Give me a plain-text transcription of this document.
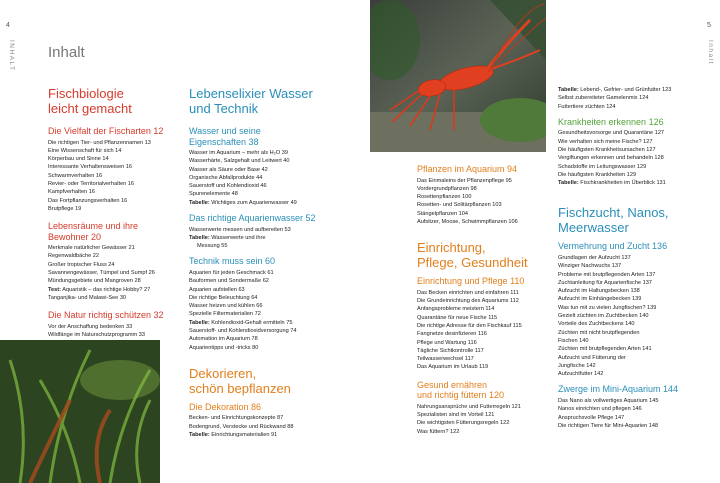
4
INHALT
5
Inhalt
Inhalt
Fischbiologie
leicht gemacht
Die Vielfalt der Fischarten 12
Die richtigen Tier- und Pflanzennamen 13
Eine Wissenschaft für sich 14
Körperbau und Sinne 14
Interessante Verhaltensweisen 16
Schwarmverhalten 16
Revier- oder Territorialverhalten 16
Kampfverhalten 16
Das Fortpflanzungsverhalten 16
Brutpflege 19
Lebensräume und ihre
Bewohner 20
Merkmale natürlicher Gewässer 21
Regenwaldbäche 22
Großer tropischer Fluss 24
Savannengewässer, Tümpel und Sumpf 26
Mündungsgebiete und Mangroven 28
Test: Aquaristik – das richtige Hobby? 27
Tanganjika- und Malawi-See 30
Die Natur richtig schützen 32
Vor der Anschaffung bedenken 33
Wildfänge im Naturschutzprogramm 33
Lebenselixier Wasser
und Technik
Wasser und seine
Eigenschaften 38
Wasser im Aquarium – mehr als H₂O 39
Wasserhärte, Salzgehalt und Leitwert 40
Wasser als Säure oder Base 42
Organische Abfallprodukte 44
Sauerstoff und Kohlendioxid 46
Spurenelemente 48
Tabelle: Wichtiges zum Aquarienwasser 49
Das richtige Aquarienwasser 52
Wasserwerte messen und aufbereiten 53
Tabelle: Wasserwerte und ihre
Messung 55
Technik muss sein 60
Aquarien für jeden Geschmack 61
Bauformen und Sondermaße 62
Aquarien aufstellen 63
Die richtige Beleuchtung 64
Wasser heizen und kühlen 66
Spezielle Filtermaterialien 72
Tabelle: Kohlendioxid-Gehalt ermitteln 75
Sauerstoff- und Kohlendioxidversorgung 74
Automation im Aquarium 78
Aquarientipps und -tricks 80
Dekorieren,
schön bepflanzen
Die Dekoration 86
Becken- und Einrichtungskonzepte 87
Bodengrund, Verstecke und Rückwand 88
Tabelle: Einrichtungsmaterialien 91
Pflanzen im Aquarium 94
Das Einmaleins der Pflanzenpflege 95
Vordergrundpflanzen 98
Rosettenpflanzen 100
Rosetten- und Solitärpflanzen 103
Stängelpflanzen 104
Aufsitzer, Moose, Schwimmpflanzen 106
Einrichtung,
Pflege, Gesundheit
Einrichtung und Pflege 110
Das Becken einrichten und einfahren 111
Die Grundeinrichtung des Aquariums 112
Anfangsprobleme meistern 114
Quarantäne für neue Fische 115
Die richtige Adresse für den Fischkauf 115
Fangnetze desinfizieren 116
Pflege und Wartung 116
Tägliche Sichtkontrolle 117
Teilwasserwechsel 117
Das Aquarium im Urlaub 119
Gesund ernähren
und richtig füttern 120
Nahrungsansprüche und Futterregeln 121
Spezialisten sind im Vorteil 121
Die wichtigsten Fütterungsregeln 122
Was füttern? 122
Tabelle: Lebend-, Gefrier- und Grünfutter 123
Selbst zubereiteter Gamelenmix 124
Futtertiere züchten 124
Krankheiten erkennen 126
Gesundheitsvorsorge und Quarantäne 127
Wie verhalten sich meine Fische? 127
Die häufigsten Krankheitsursachen 127
Vergiftungen erkennen und behandeln 128
Schadstoffe im Leitungswasser 129
Die häufigsten Krankheiten 129
Tabelle: Fischkrankheiten im Überblick 131
Fischzucht, Nanos,
Meerwasser
Vermehrung und Zucht 136
Grundlagen der Aufzucht 137
Winziger Nachwuchs 137
Probleme mit brutpflegenden Arten 137
Zuchtanleitung für Aquarienfische 137
Aufzucht im Haltungsbecken 138
Aufzucht im Einhängebecken 139
Was tun mit zu vielen Jungfischen? 139
Gezielt züchten im Zuchtbecken 140
Vorteile des Zuchtbeckens 140
Züchten mit nicht brutpflegenden
Fischen 140
Züchten mit brutpflegenden Arten 141
Aufzucht und Fütterung der
Jungfische 142
Aufzuchtfutter 142
Zwerge im Mini-Aquarium 144
Das Nano als vollwertiges Aquarium 145
Nanos einrichten und pflegen 146
Anspruchsvolle Pflege 147
Die richtigen Tiere für Mini-Aquarien 148
